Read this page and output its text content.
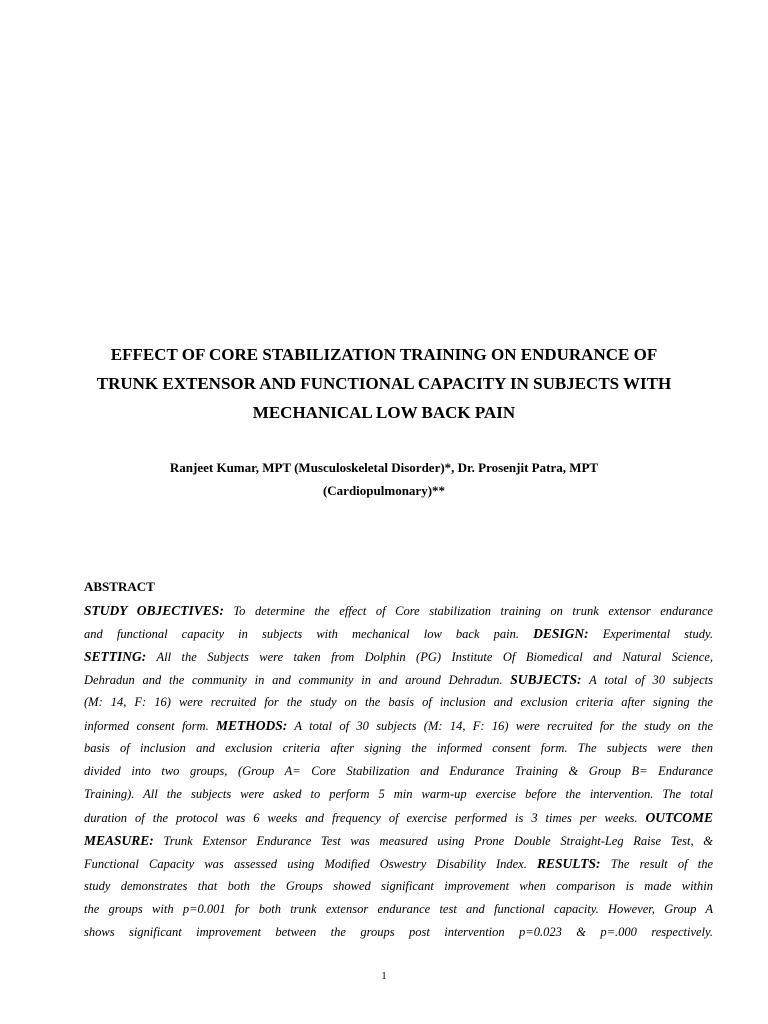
EFFECT OF CORE STABILIZATION TRAINING ON ENDURANCE OF
TRUNK EXTENSOR AND FUNCTIONAL CAPACITY IN SUBJECTS WITH
MECHANICAL LOW BACK PAIN

Ranjeet Kumar, MPT (Musculoskeletal Disorder)*, Dr. Prosenjit Patra, MPT
(Cardiopulmonary)**

ABSTRACT
STUDY OBJECTIVES: To determine the effect of Core stabilization training on trunk extensor endurance
and functional capacity in subjects with mechanical low back pain. DESIGN: Experimental study.
SETTING: All the Subjects were taken from Dolphin (PG) Institute Of Biomedical and Natural Science,
Dehradun and the community in and community in and around Dehradun. SUBJECTS: A total of 30 subjects
(M: 14, F: 16) were recruited for the study on the basis of inclusion and exclusion criteria after signing the
informed consent form. METHODS: A total of 30 subjects (M: 14, F: 16) were recruited for the study on the
basis of inclusion and exclusion criteria after signing the informed consent form. The subjects were then
divided into two groups, (Group A= Core Stabilization and Endurance Training & Group B= Endurance
Training). All the subjects were asked to perform 5 min warm-up exercise before the intervention. The total
duration of the protocol was 6 weeks and frequency of exercise performed is 3 times per weeks. OUTCOME
MEASURE: Trunk Extensor Endurance Test was measured using Prone Double Straight-Leg Raise Test, &
Functional Capacity was assessed using Modified Oswestry Disability Index. RESULTS: The result of the
study demonstrates that both the Groups showed significant improvement when comparison is made within
the groups with p=0.001 for both trunk extensor endurance test and functional capacity. However, Group A
shows significant improvement between the groups post intervention p=0.023 & p=.000 respectively.
1
